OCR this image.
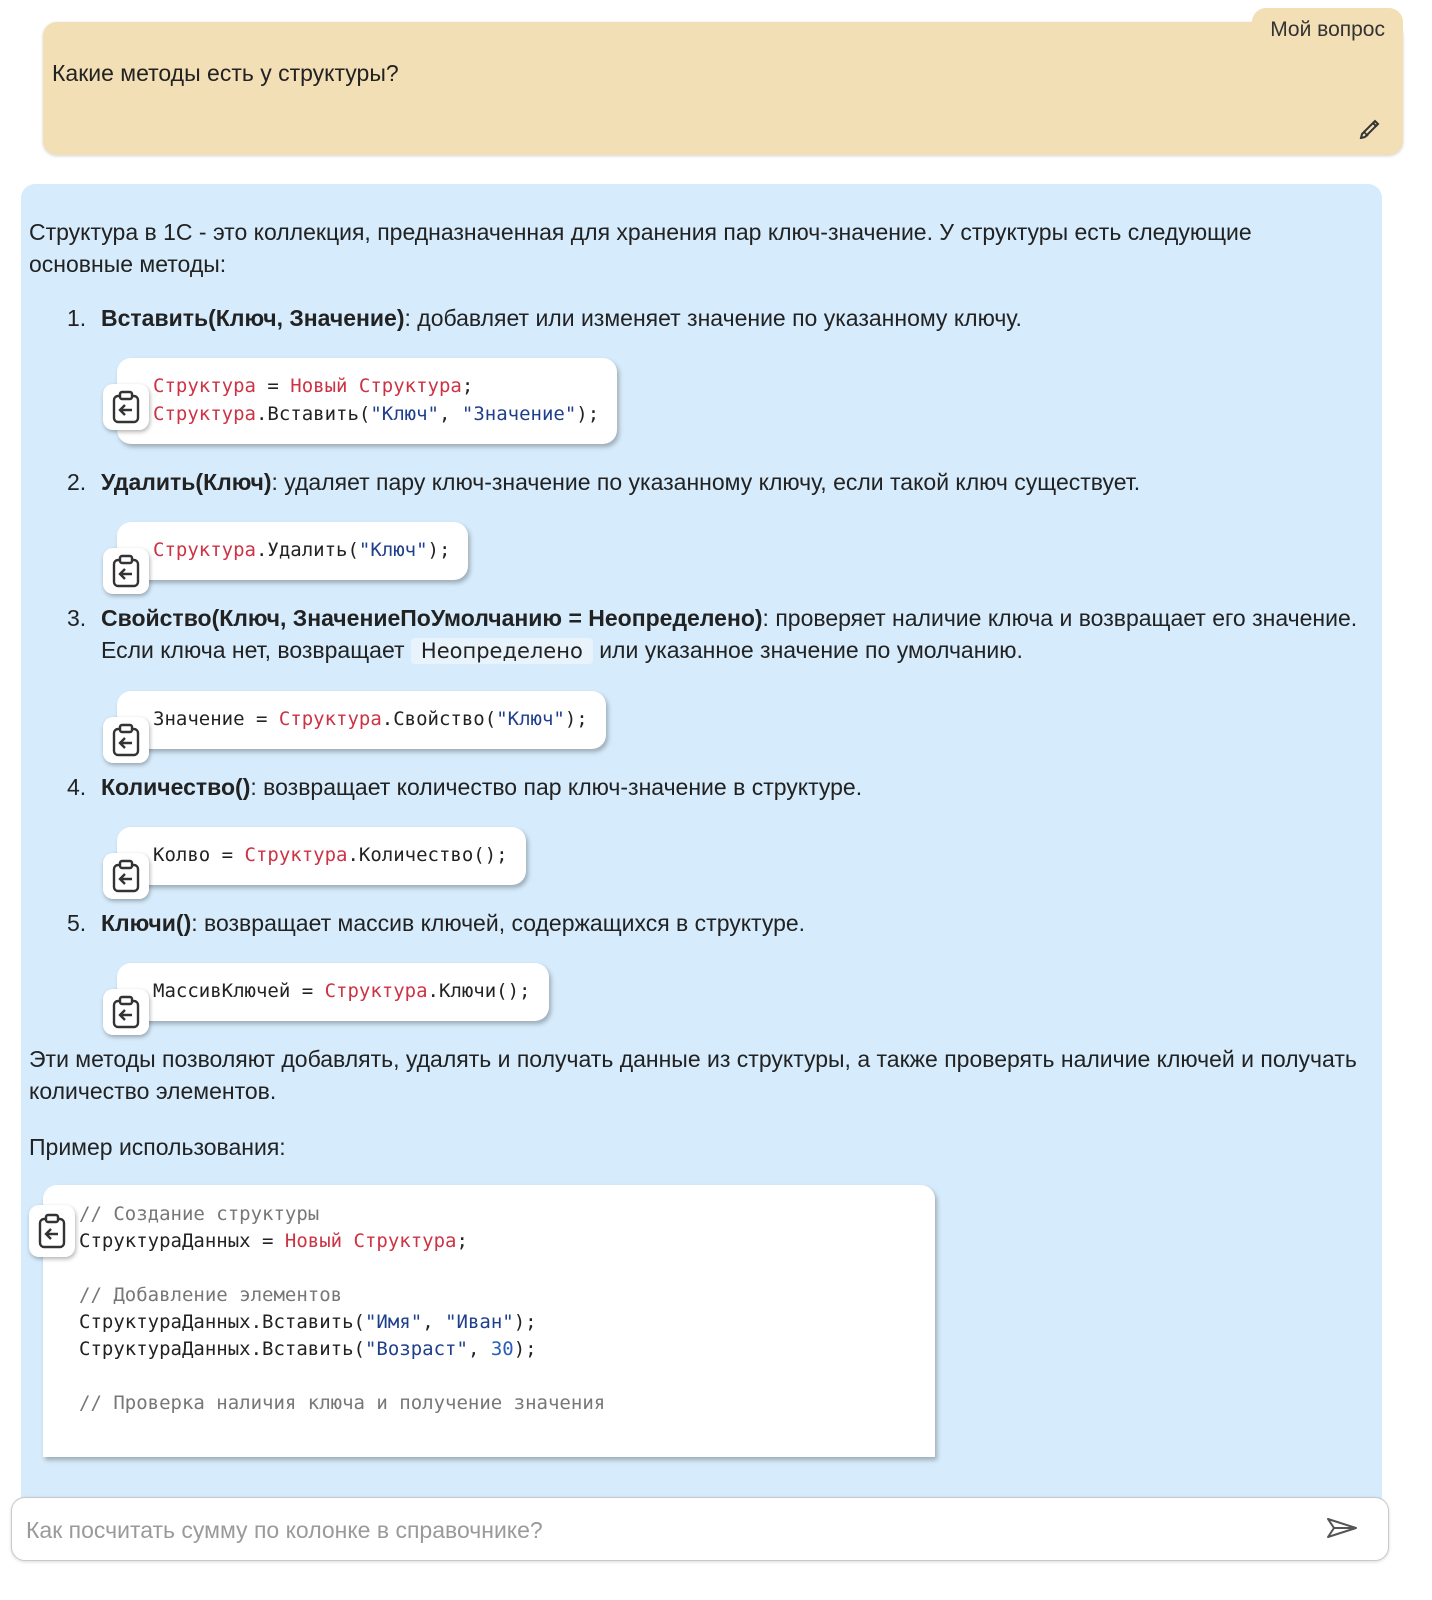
Мой вопрос
Какие методы есть у структуры?
Структура в 1С - это коллекция, предназначенная для хранения пар ключ-значение. У структуры есть следующие основные методы:
1. Вставить(Ключ, Значение): добавляет или изменяет значение по указанному ключу.
Структура = Новый Структура;
Структура.Вставить("Ключ", "Значение");
2. Удалить(Ключ): удаляет пару ключ-значение по указанному ключу, если такой ключ существует.
Структура.Удалить("Ключ");
3. Свойство(Ключ, ЗначениеПоУмолчанию = Неопределено): проверяет наличие ключа и возвращает его значение. Если ключа нет, возвращает Неопределено или указанное значение по умолчанию.
Значение = Структура.Свойство("Ключ");
4. Количество(): возвращает количество пар ключ-значение в структуре.
Колво = Структура.Количество();
5. Ключи(): возвращает массив ключей, содержащихся в структуре.
МассивКлючей = Структура.Ключи();
Эти методы позволяют добавлять, удалять и получать данные из структуры, а также проверять наличие ключей и получать количество элементов.
Пример использования:
// Создание структуры
СтруктураДанных = Новый Структура;

// Добавление элементов
СтруктураДанных.Вставить("Имя", "Иван");
СтруктураДанных.Вставить("Возраст", 30);

// Проверка наличия ключа и получение значения
Как посчитать сумму по колонке в справочнике?
